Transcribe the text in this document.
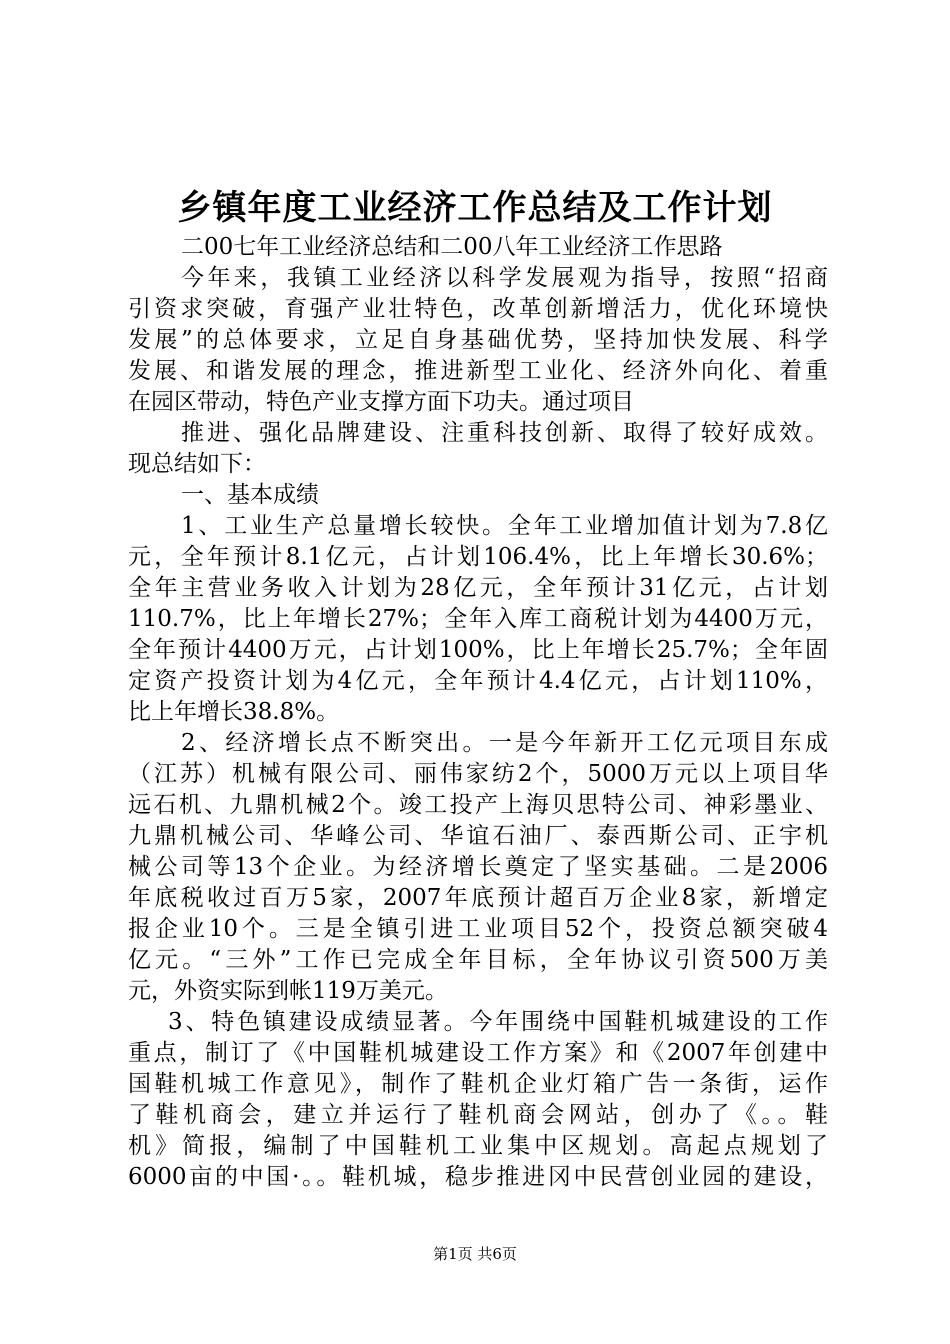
乡镇年度工业经济工作总结及工作计划
二00七年工业经济总结和二00八年工业经济工作思路
今年来，我镇工业经济以科学发展观为指导，按照“招商
引资求突破，育强产业壮特色，改革创新增活力，优化环境快
发展”的总体要求，立足自身基础优势，坚持加快发展、科学
发展、和谐发展的理念，推进新型工业化、经济外向化、着重
在园区带动，特色产业支撑方面下功夫。通过项目
推进、强化品牌建设、注重科技创新、取得了较好成效。
现总结如下：
一、基本成绩
1、工业生产总量增长较快。全年工业增加值计划为7.8亿
元，全年预计8.1亿元，占计划106.4%，比上年增长30.6%；
全年主营业务收入计划为28亿元，全年预计31亿元，占计划
110.7%，比上年增长27%；全年入库工商税计划为4400万元，
全年预计4400万元，占计划100%，比上年增长25.7%；全年固
定资产投资计划为4亿元，全年预计4.4亿元，占计划110%，
比上年增长38.8%。
2、经济增长点不断突出。一是今年新开工亿元项目东成
（江苏）机械有限公司、丽伟家纺2个，5000万元以上项目华
远石机、九鼎机械2个。竣工投产上海贝思特公司、神彩墨业、
九鼎机械公司、华峰公司、华谊石油厂、泰西斯公司、正宇机
械公司等13个企业。为经济增长奠定了坚实基础。二是2006
年底税收过百万5家，2007年底预计超百万企业8家，新增定
报企业10个。三是全镇引进工业项目52个，投资总额突破4
亿元。“三外”工作已完成全年目标，全年协议引资500万美
元，外资实际到帐119万美元。
3、特色镇建设成绩显著。今年围绕中国鞋机城建设的工作
重点，制订了《中国鞋机城建设工作方案》和《2007年创建中
国鞋机城工作意见》，制作了鞋机企业灯箱广告一条街，运作
了鞋机商会，建立并运行了鞋机商会网站，创办了《。。鞋
机》简报，编制了中国鞋机工业集中区规划。高起点规划了
6000亩的中国·。。鞋机城，稳步推进冈中民营创业园的建设，
第1页 共6页
